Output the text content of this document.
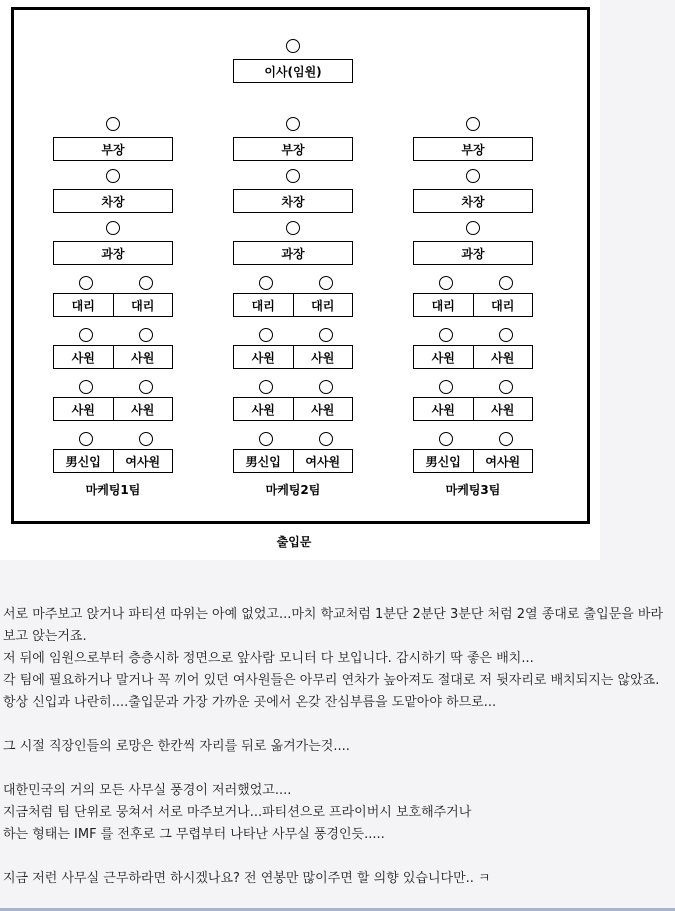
출입문
이사(임원)
부장
차장
과장
대리	대리
사원	사원
사원	사원
男신입	여사원
마케팅1팀
부장
차장
과장
대리	대리
사원	사원
사원	사원
男신입	여사원
마케팅2팀
부장
차장
과장
대리	대리
사원	사원
사원	사원
男신입	여사원
마케팅3팀
서로 마주보고 앉거나 파티션 따위는 아예 없었고...마치 학교처럼 1분단 2분단 3분단 처럼 2열 종대로 출입문을 바라보고 앉는거죠.
저 뒤에 임원으로부터 층층시하 정면으로 앞사람 모니터 다 보입니다. 감시하기 딱 좋은 배치...
각 팀에 필요하거나 말거나 꼭 끼어 있던 여사원들은 아무리 연차가 높아져도 절대로 저 뒷자리로 배치되지는 않았죠.
항상 신입과 나란히....출입문과 가장 가까운 곳에서 온갖 잔심부름을 도맡아야 하므로...
그 시절 직장인들의 로망은 한칸씩 자리를 뒤로 옮겨가는것....
대한민국의 거의 모든 사무실 풍경이 저러했었고....
지금처럼 팀 단위로 뭉쳐서 서로 마주보거나...파티션으로 프라이버시 보호해주거나
하는 형태는 IMF 를 전후로 그 무렵부터 나타난 사무실 풍경인듯.....
지금 저런 사무실 근무하라면 하시겠나요? 전 연봉만 많이주면 할 의향 있습니다만.. ㅋ
